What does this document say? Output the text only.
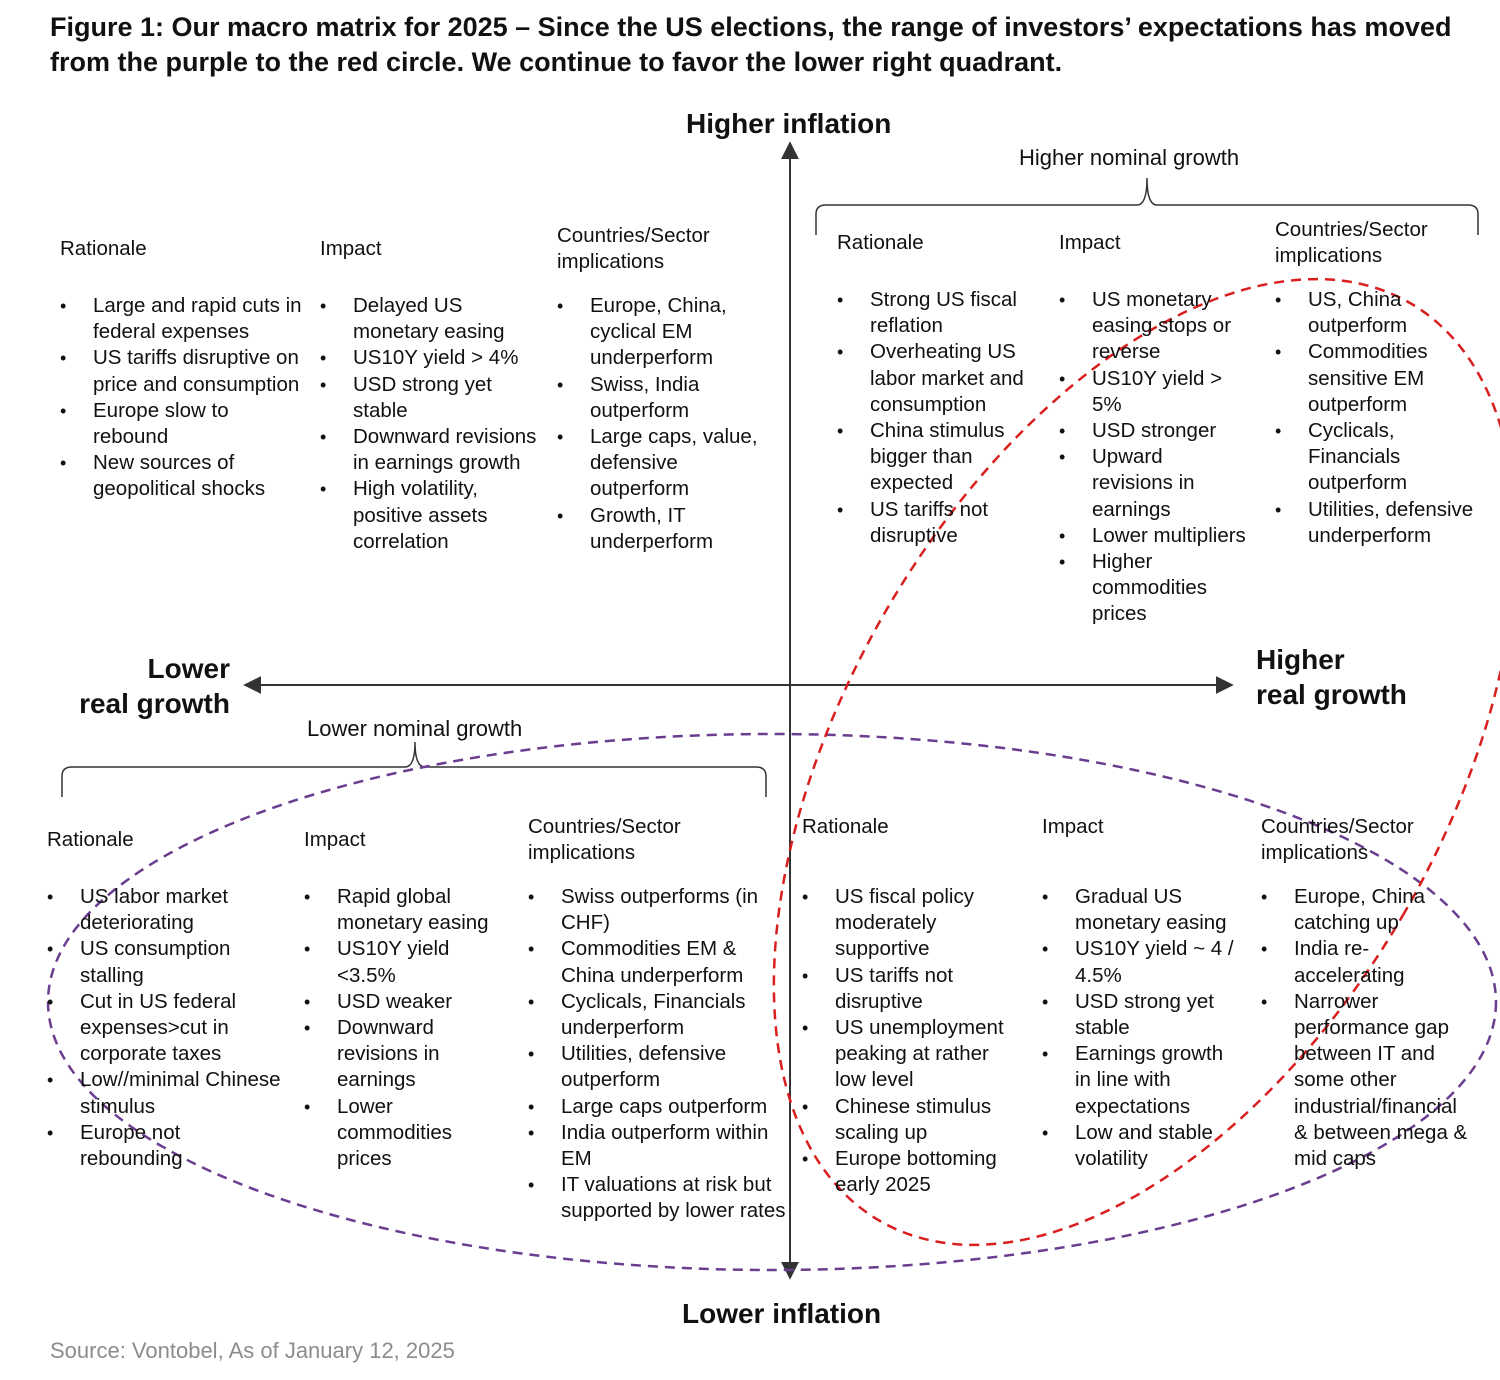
Figure 1: Our macro matrix for 2025 – Since the US elections, the range of investors’ expectations has moved from the purple to the red circle. We continue to favor the lower right quadrant.
Higher inflation
Lower inflation
Lower
real growth
Higher
real growth
Higher nominal growth
Lower nominal growth
Rationale
• Large and rapid cuts in federal expenses
• US tariffs disruptive on price and consumption
• Europe slow to rebound
• New sources of geopolitical shocks
Impact
• Delayed US monetary easing
• US10Y yield > 4%
• USD strong yet stable
• Downward revisions in earnings growth
• High volatility, positive assets correlation
Countries/Sector implications
• Europe, China, cyclical EM underperform
• Swiss, India outperform
• Large caps, value, defensive outperform
• Growth, IT underperform
Rationale
• Strong US fiscal reflation
• Overheating US labor market and consumption
• China stimulus bigger than expected
• US tariffs not disruptive
Impact
• US monetary easing stops or reverse
• US10Y yield > 5%
• USD stronger
• Upward revisions in earnings
• Lower multipliers
• Higher commodities prices
Countries/Sector implications
• US, China outperform
• Commodities sensitive EM outperform
• Cyclicals, Financials outperform
• Utilities, defensive underperform
Rationale
• US labor market deteriorating
• US consumption stalling
• Cut in US federal expenses>cut in corporate taxes
• Low//minimal Chinese stimulus
• Europe not rebounding
Impact
• Rapid global monetary easing
• US10Y yield <3.5%
• USD weaker
• Downward revisions in earnings
• Lower commodities prices
Countries/Sector implications
• Swiss outperforms (in CHF)
• Commodities EM & China underperform
• Cyclicals, Financials underperform
• Utilities, defensive outperform
• Large caps outperform
• India outperform within EM
• IT valuations at risk but supported by lower rates
Rationale
• US fiscal policy moderately supportive
• US tariffs not disruptive
• US unemployment peaking at rather low level
• Chinese stimulus scaling up
• Europe bottoming early 2025
Impact
• Gradual US monetary easing
• US10Y yield ~ 4 / 4.5%
• USD strong yet stable
• Earnings growth in line with expectations
• Low and stable volatility
Countries/Sector implications
• Europe, China catching up
• India re-accelerating
• Narrower performance gap between IT and some other industrial/financial & between mega & mid caps
Source: Vontobel, As of January 12, 2025
